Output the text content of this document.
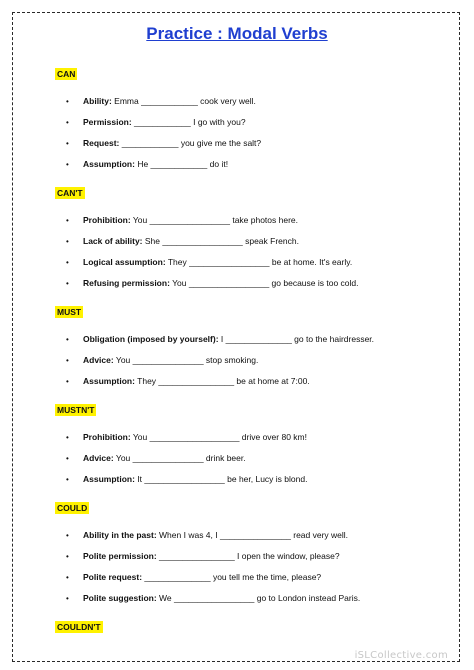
Practice : Modal Verbs
CAN
• Ability: Emma ____________ cook very well.
• Permission: ____________ I go with you?
• Request: ____________ you give me the salt?
• Assumption: He ____________ do it!
CAN'T
• Prohibition: You _________________ take photos here.
• Lack of ability: She _________________ speak French.
• Logical assumption: They _________________ be at home. It's early.
• Refusing permission: You _________________ go because is too cold.
MUST
• Obligation (imposed by yourself): I ______________ go to the hairdresser.
• Advice: You _______________ stop smoking.
• Assumption: They ________________ be at home at 7:00.
MUSTN'T
• Prohibition: You ___________________ drive over 80 km!
• Advice: You _______________ drink beer.
• Assumption: It _________________ be her, Lucy is blond.
COULD
• Ability in the past: When I was 4, I _______________ read very well.
• Polite permission: ________________ I open the window, please?
• Polite request: ______________ you tell me the time, please?
• Polite suggestion: We _________________ go to London instead Paris.
COULDN'T
iSLCollective.com
